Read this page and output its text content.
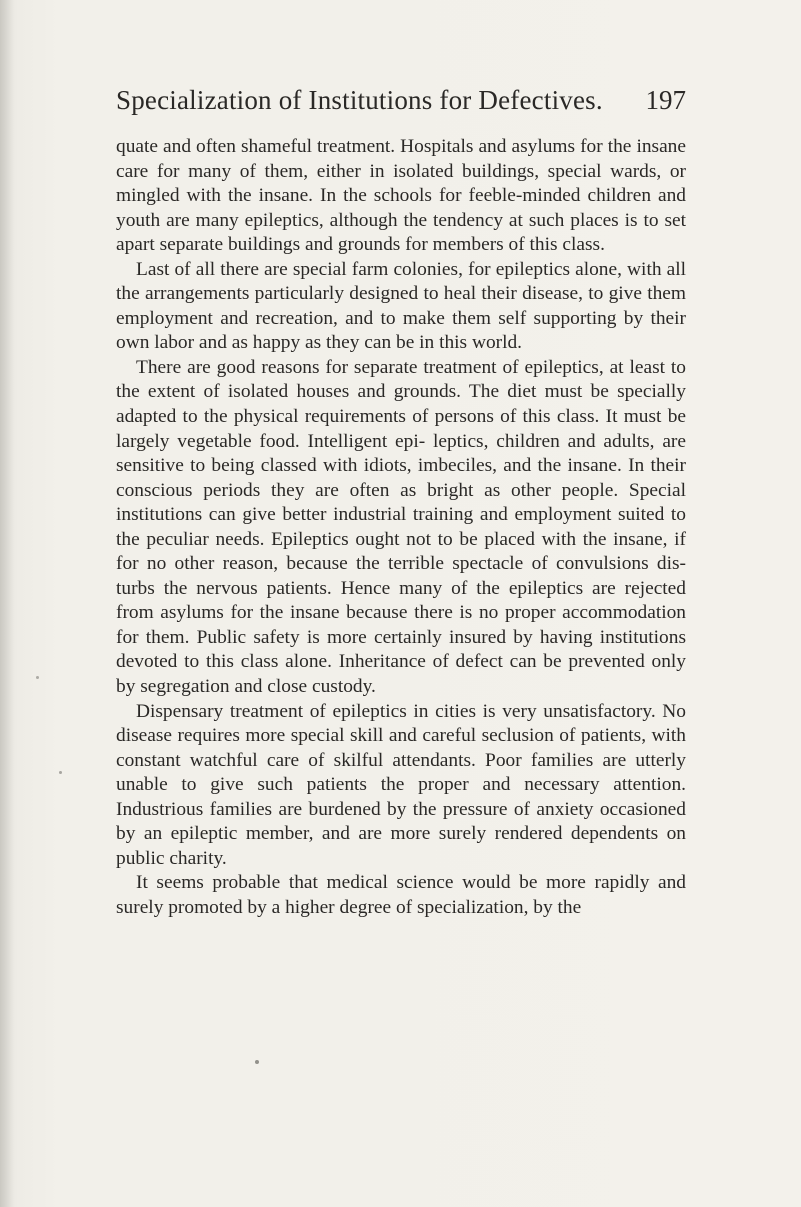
Specialization of Institutions for Defectives. 197

quate and often shameful treatment. Hospitals and asylums for the insane care for many of them, either in isolated buildings, special wards, or mingled with the insane. In the schools for feeble-minded children and youth are many epileptics, although the tendency at such places is to set apart separate buildings and grounds for members of this class.

Last of all there are special farm colonies, for epileptics alone, with all the arrangements particularly designed to heal their disease, to give them employment and recreation, and to make them self supporting by their own labor and as happy as they can be in this world.

There are good reasons for separate treatment of epileptics, at least to the extent of isolated houses and grounds. The diet must be specially adapted to the physical requirements of persons of this class. It must be largely vegetable food. Intelligent epi- leptics, children and adults, are sensitive to being classed with idiots, imbeciles, and the insane. In their conscious periods they are often as bright as other people. Special institutions can give better industrial training and employment suited to the peculiar needs. Epileptics ought not to be placed with the insane, if for no other reason, because the terrible spectacle of convulsions dis- turbs the nervous patients. Hence many of the epileptics are rejected from asylums for the insane because there is no proper accommodation for them. Public safety is more certainly insured by having institutions devoted to this class alone. Inheritance of defect can be prevented only by segregation and close custody.

Dispensary treatment of epileptics in cities is very unsatisfactory. No disease requires more special skill and careful seclusion of patients, with constant watchful care of skilful attendants. Poor families are utterly unable to give such patients the proper and necessary attention. Industrious families are burdened by the pressure of anxiety occasioned by an epileptic member, and are more surely rendered dependents on public charity.

It seems probable that medical science would be more rapidly and surely promoted by a higher degree of specialization, by the
